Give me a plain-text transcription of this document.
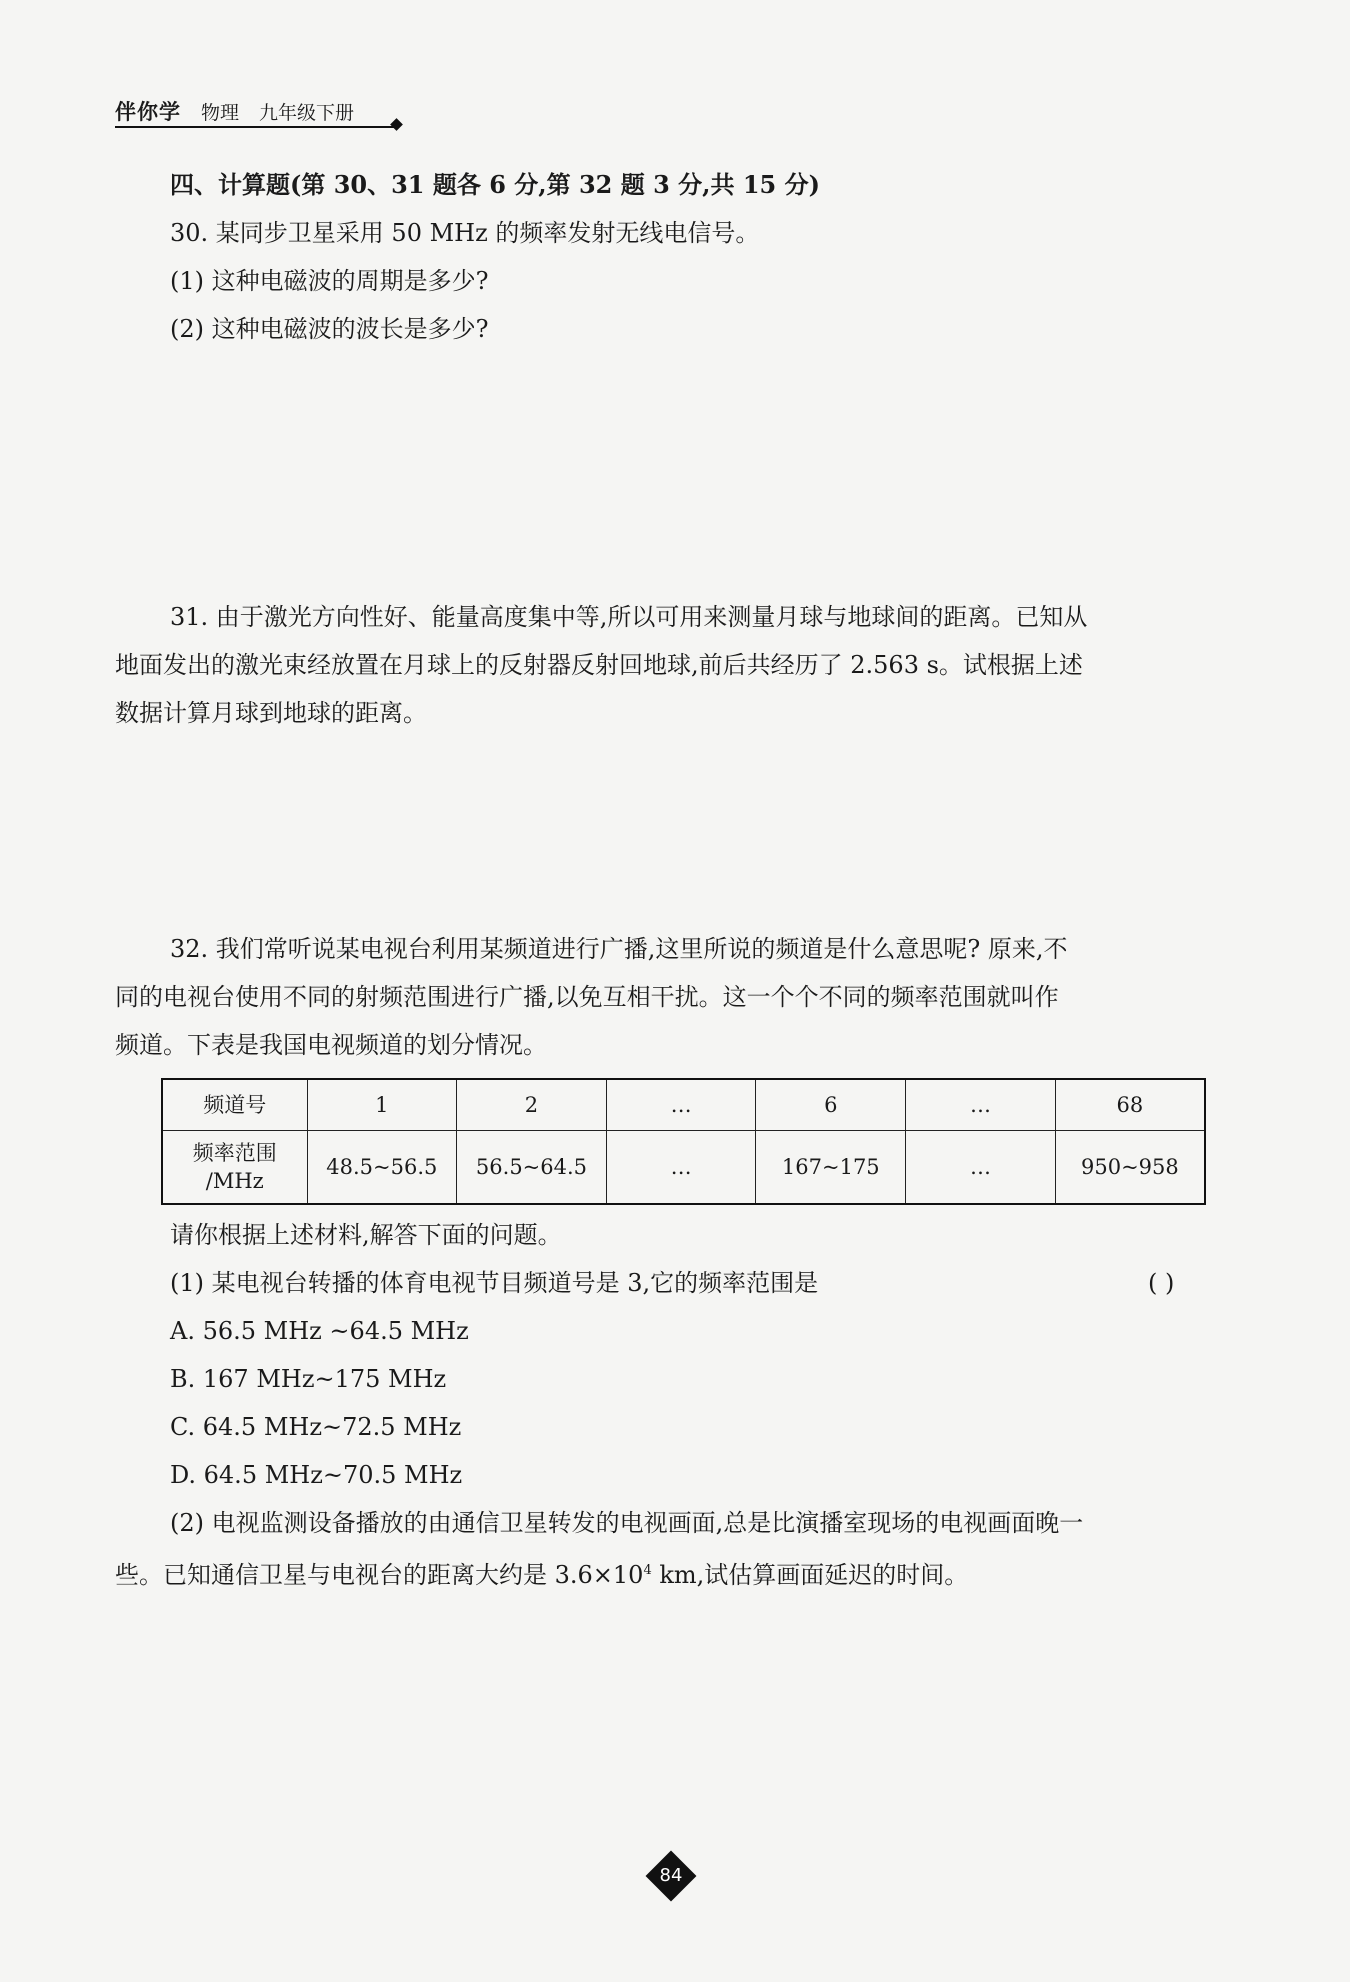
伴你学 物理 九年级下册
四、计算题(第 30、31 题各 6 分,第 32 题 3 分,共 15 分)
30. 某同步卫星采用 50 MHz 的频率发射无线电信号。
(1) 这种电磁波的周期是多少?
(2) 这种电磁波的波长是多少?
31. 由于激光方向性好、能量高度集中等,所以可用来测量月球与地球间的距离。已知从
地面发出的激光束经放置在月球上的反射器反射回地球,前后共经历了 2.563 s。试根据上述
数据计算月球到地球的距离。
32. 我们常听说某电视台利用某频道进行广播,这里所说的频道是什么意思呢? 原来,不
同的电视台使用不同的射频范围进行广播,以免互相干扰。这一个个不同的频率范围就叫作
频道。下表是我国电视频道的划分情况。
频道号	1	2	…	6	…	68

频率范围
/MHz	48.5~56.5	56.5~64.5	…	167~175	…	950~958
请你根据上述材料,解答下面的问题。
(1) 某电视台转播的体育电视节目频道号是 3,它的频率范围是	( )
A. 56.5 MHz ~64.5 MHz
B. 167 MHz~175 MHz
C. 64.5 MHz~72.5 MHz
D. 64.5 MHz~70.5 MHz
(2) 电视监测设备播放的由通信卫星转发的电视画面,总是比演播室现场的电视画面晚一
些。已知通信卫星与电视台的距离大约是 $3.6\times 10^4$ km,试估算画面延迟的时间。
84
